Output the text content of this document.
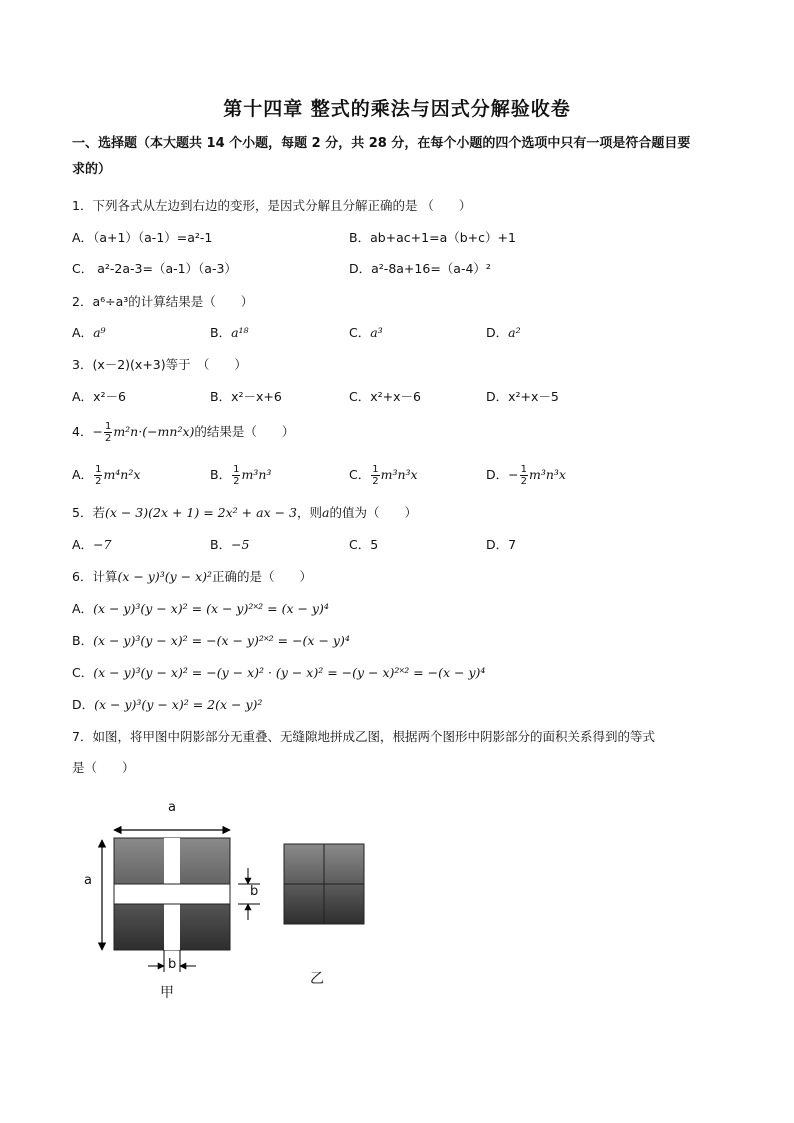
第十四章 整式的乘法与因式分解验收卷
一、选择题（本大题共 14 个小题，每题 2 分，共 28 分，在每个小题的四个选项中只有一项是符合题目要
求的）
1．下列各式从左边到右边的变形，是因式分解且分解正确的是 （　　）
A．（a+1）（a-1）=a²-1	B．ab+ac+1=a（b+c）+1
C． a²-2a-3=（a-1）（a-3）	D．a²-8a+16=（a-4）²
2．a⁶÷a³的计算结果是（　　）
A．a⁹	B．a¹⁸	C．a³	D．a²
3．(x－2)(x+3)等于　（　　）
A．x²－6	B．x²－x+6	C．x²+x－6	D．x²+x－5
4．− $\frac{1}{2} m^2n\cdot(-mn^2x)$的结果是（　　）
A． $\frac{1}{2} m^4n^2x$	B． $\frac{1}{2} m^3n^3$	C． $\frac{1}{2} m^3n^3x$	D．− $\frac{1}{2} m^3n^3x$
5．若(x − 3)(2x + 1) = 2x² + ax − 3，则a的值为（　　）
A．−7	B．−5	C．5	D．7
6．计算(x − y)³(y − x)²正确的是（　　）
A．(x − y)³(y − x)² = (x − y)²˟² = (x − y)⁴
B．(x − y)³(y − x)² = −(x − y)²˟² = −(x − y)⁴
C．(x − y)³(y − x)² = −(y − x)² · (y − x)² = −(y − x)²˟² = −(x − y)⁴
D．(x − y)³(y − x)² = 2(x − y)²
7．如图，将甲图中阴影部分无重叠、无缝隙地拼成乙图，根据两个图形中阴影部分的面积关系得到的等式
是（　　）
a
a
b
b
甲
乙
